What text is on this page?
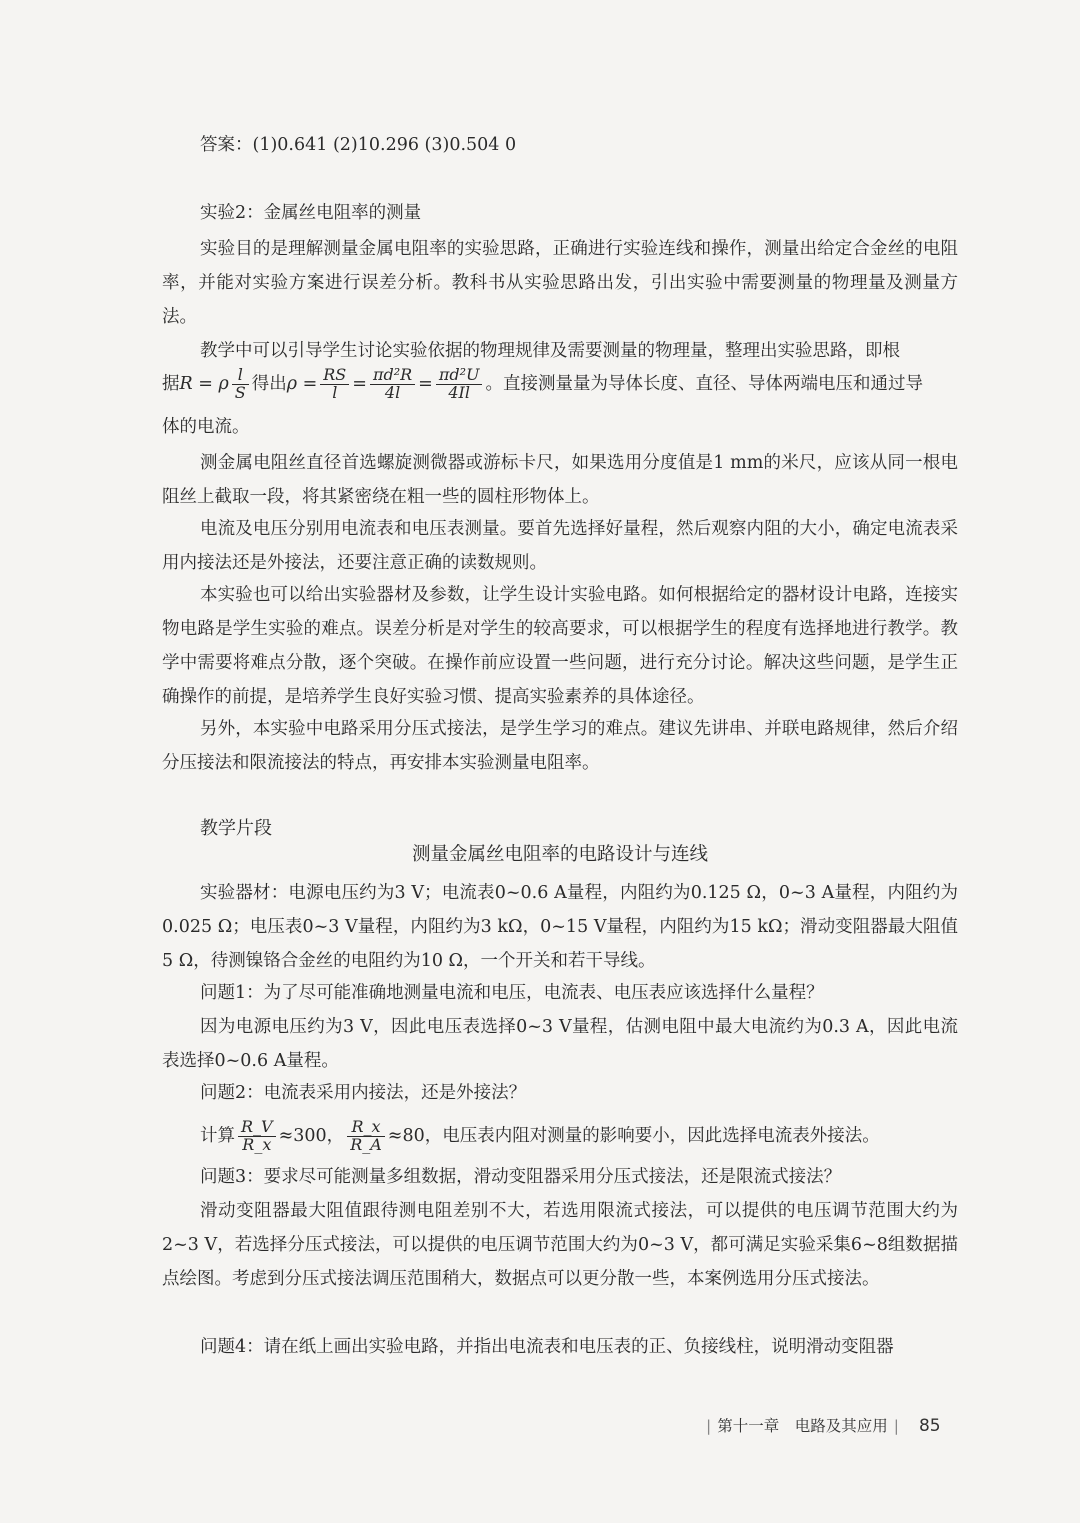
答案：(1)0.641 (2)10.296 (3)0.504 0
实验2：金属丝电阻率的测量

实验目的是理解测量金属电阻率的实验思路，正确进行实验连线和操作，测量出给定合金丝的电阻率，并能对实验方案进行误差分析。教科书从实验思路出发，引出实验中需要测量的物理量及测量方法。

教学中可以引导学生讨论实验依据的物理规律及需要测量的物理量，整理出实验思路，即根
据R = ρ $\frac{l}{S}$ 得出$\rho = \frac{RS}{l} = \frac{\text{πd²R}}{4l} = \frac{\text{πd²U}}{4Il}$ 。直接测量量为导体长度、直径、导体两端电压和通过导
体的电流。

测金属电阻丝直径首选螺旋测微器或游标卡尺，如果选用分度值是1 mm的米尺，应该从同一根电阻丝上截取一段，将其紧密绕在粗一些的圆柱形物体上。

电流及电压分别用电流表和电压表测量。要首先选择好量程，然后观察内阻的大小，确定电流表采用内接法还是外接法，还要注意正确的读数规则。

本实验也可以给出实验器材及参数，让学生设计实验电路。如何根据给定的器材设计电路，连接实物电路是学生实验的难点。误差分析是对学生的较高要求，可以根据学生的程度有选择地进行教学。教学中需要将难点分散，逐个突破。在操作前应设置一些问题，进行充分讨论。解决这些问题，是学生正确操作的前提，是培养学生良好实验习惯、提高实验素养的具体途径。

另外，本实验中电路采用分压式接法，是学生学习的难点。建议先讲串、并联电路规律，然后介绍分压接法和限流接法的特点，再安排本实验测量电阻率。

教学片段
测量金属丝电阻率的电路设计与连线

实验器材：电源电压约为3 V；电流表0~0.6 A量程，内阻约为0.125 Ω，0~3 A量程，内阻约为0.025 Ω；电压表0~3 V量程，内阻约为3 kΩ，0~15 V量程，内阻约为15 kΩ；滑动变阻器最大阻值5 Ω，待测镍铬合金丝的电阻约为10 Ω，一个开关和若干导线。

问题1：为了尽可能准确地测量电流和电压，电流表、电压表应该选择什么量程？

因为电源电压约为3 V，因此电压表选择0~3 V量程，估测电阻中最大电流约为0.3 A，因此电流表选择0~0.6 A量程。

问题2：电流表采用内接法，还是外接法？
计算 $\frac{R\_V}{R\_x} \approx 300$， $\frac{R\_x}{R\_A} \approx 80$，电压表内阻对测量的影响要小，因此选择电流表外接法。
问题3：要求尽可能测量多组数据，滑动变阻器采用分压式接法，还是限流式接法？

滑动变阻器最大阻值跟待测电阻差别不大，若选用限流式接法，可以提供的电压调节范围大约为2~3 V，若选择分压式接法，可以提供的电压调节范围大约为0~3 V，都可满足实验采集6~8组数据描点绘图。考虑到分压式接法调压范围稍大，数据点可以更分散一些，本案例选用分压式接法。

问题4：请在纸上画出实验电路，并指出电流表和电压表的正、负接线柱，说明滑动变阻器
| 第十一章　电路及其应用 | 85
